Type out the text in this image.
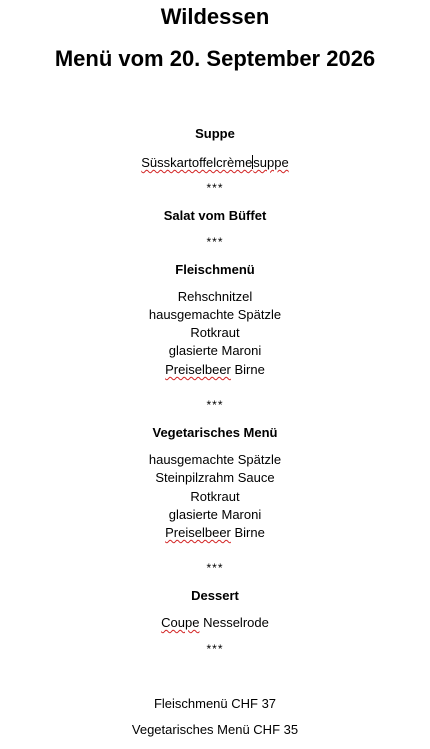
Wildessen
Menü vom 20. September 2026
Suppe
Süsskartoffelcrèmesuppe
***
Salat vom Büffet
***
Fleischmenü
Rehschnitzel
hausgemachte Spätzle
Rotkraut
glasierte Maroni
Preiselbeer Birne
***
Vegetarisches Menü
hausgemachte Spätzle
Steinpilzrahm Sauce
Rotkraut
glasierte Maroni
Preiselbeer Birne
***
Dessert
Coupe Nesselrode
***
Fleischmenü CHF 37
Vegetarisches Menü CHF 35
